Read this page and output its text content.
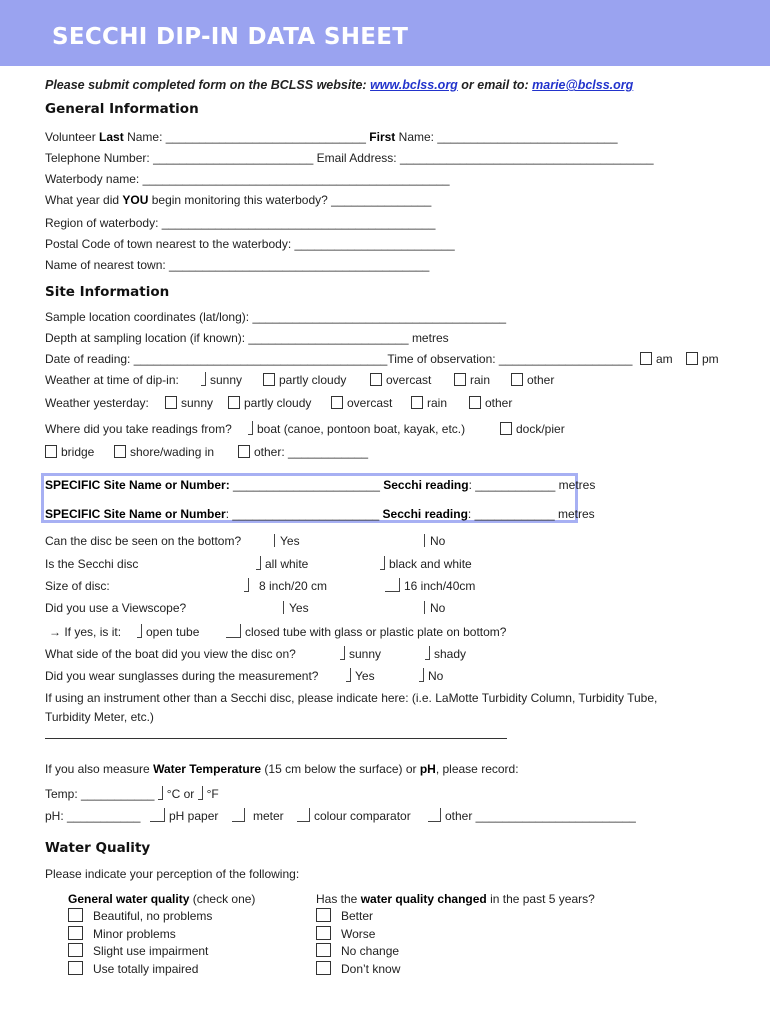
SECCHI DIP-IN DATA SHEET
Please submit completed form on the BCLSS website: www.bclss.org or email to: marie@bclss.org
General Information
Volunteer Last Name: ______________________________ First Name: ___________________________
Telephone Number: ________________________ Email Address: ______________________________________
Waterbody name: ______________________________________________
What year did YOU begin monitoring this waterbody? _______________
Region of waterbody: _________________________________________
Postal Code of town nearest to the waterbody: ________________________
Name of nearest town: _______________________________________
Site Information
Sample location coordinates (lat/long): ______________________________________
Depth at sampling location (if known): ________________________ metres
Date of reading: ______________________________________Time of observation: ____________________	am	pm
Weather at time of dip-in:	sunny	partly cloudy	overcast	rain	other
Weather yesterday:	sunny	partly cloudy	overcast	rain	other
Where did you take readings from?	boat (canoe, pontoon boat, kayak, etc.)	dock/pier
bridge	shore/wading in	other: ____________
SPECIFIC Site Name or Number: ______________________ Secchi reading: ____________ metres
SPECIFIC Site Name or Number: ______________________ Secchi reading: ____________ metres
Can the disc be seen on the bottom?	Yes	No
Is the Secchi disc	all white	black and white
Size of disc:	8 inch/20 cm	16 inch/40cm
Did you use a Viewscope?	Yes	No
→ If yes, is it:	open tube	closed tube with glass or plastic plate on bottom?
What side of the boat did you view the disc on?	sunny	shady
Did you wear sunglasses during the measurement?	Yes	No
If using an instrument other than a Secchi disc, please indicate here: (i.e. LaMotte Turbidity Column, Turbidity Tube,
Turbidity Meter, etc.)
If you also measure Water Temperature (15 cm below the surface) or pH, please record:
Temp: ___________ °C or °F
pH: ___________	pH paper	meter	colour comparator	other ________________________
Water Quality
Please indicate your perception of the following:
General water quality (check one)
Beautiful, no problems
Minor problems
Slight use impairment
Use totally impaired
Has the water quality changed in the past 5 years?
Better
Worse
No change
Don’t know
